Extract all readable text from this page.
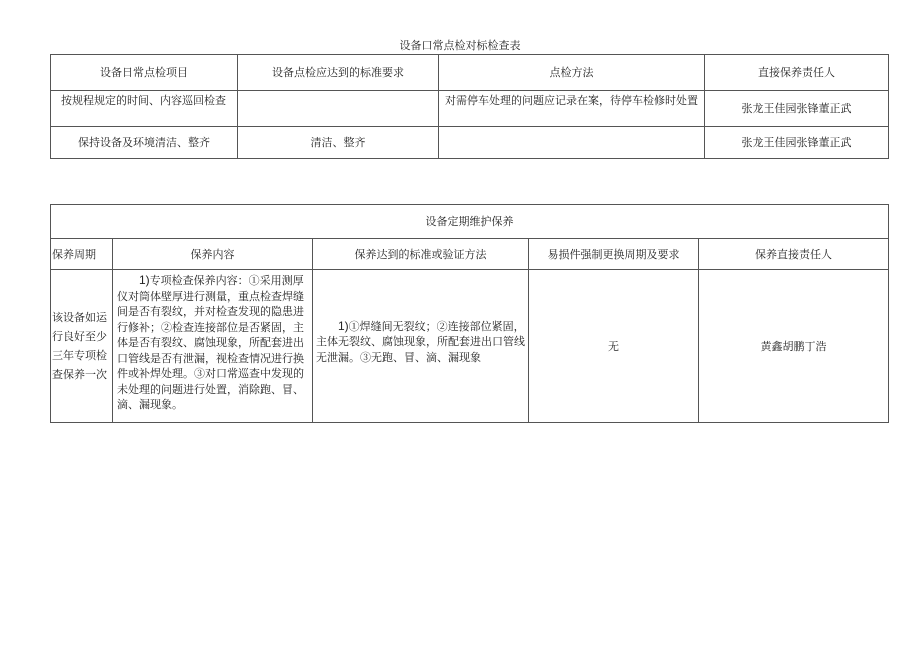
设备口常点检对标检查表
设备日常点检项目	设备点检应达到的标准要求	点检方法	直接保养责任人
按规程规定的时间、内容巡回检查		对需停车处理的问题应记录在案，待停车检修时处置	张龙王佳园张锋董正武
保持设备及环境清洁、整齐	清洁、整齐		张龙王佳园张锋董正武
设备定期维护保养				
保养周期	保养内容	保养达到的标准或验证方法	易损件强制更换周期及要求	保养直接责任人
该设备如运行良好至少三年专项检查保养一次	1)专项检查保养内容：①采用测厚仪对筒体壁厚进行测量，重点检查焊缝间是否有裂纹，并对检查发现的隐患进行修补；②检查连接部位是否紧固，主体是否有裂纹、腐蚀现象，所配套进出口管线是否有泄漏，视检查情况进行换件或补焊处理。③对口常巡查中发现的未处理的问题进行处置，消除跑、冒、滴、漏现象。	1)①焊缝间无裂纹；②连接部位紧固，主体无裂纹、腐蚀现象，所配套进出口管线无泄漏。③无跑、冒、滴、漏现象	无	黄鑫胡鹏丁浩
